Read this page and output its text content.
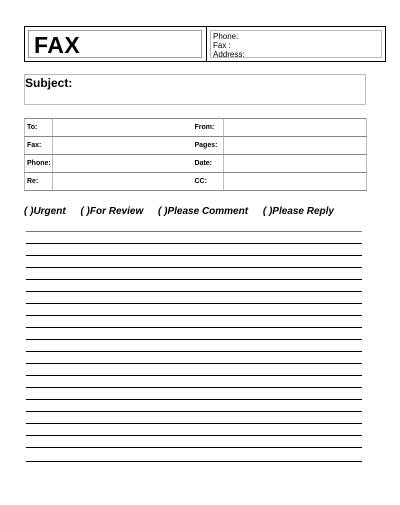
FAX	Phone:
Fax :
Address:
Subject:
To:		From:	
Fax:		Pages:	
Phone:		Date:	
Re:		CC:	
( )Urgent ( )For Review ( )Please Comment ( )Please Reply
